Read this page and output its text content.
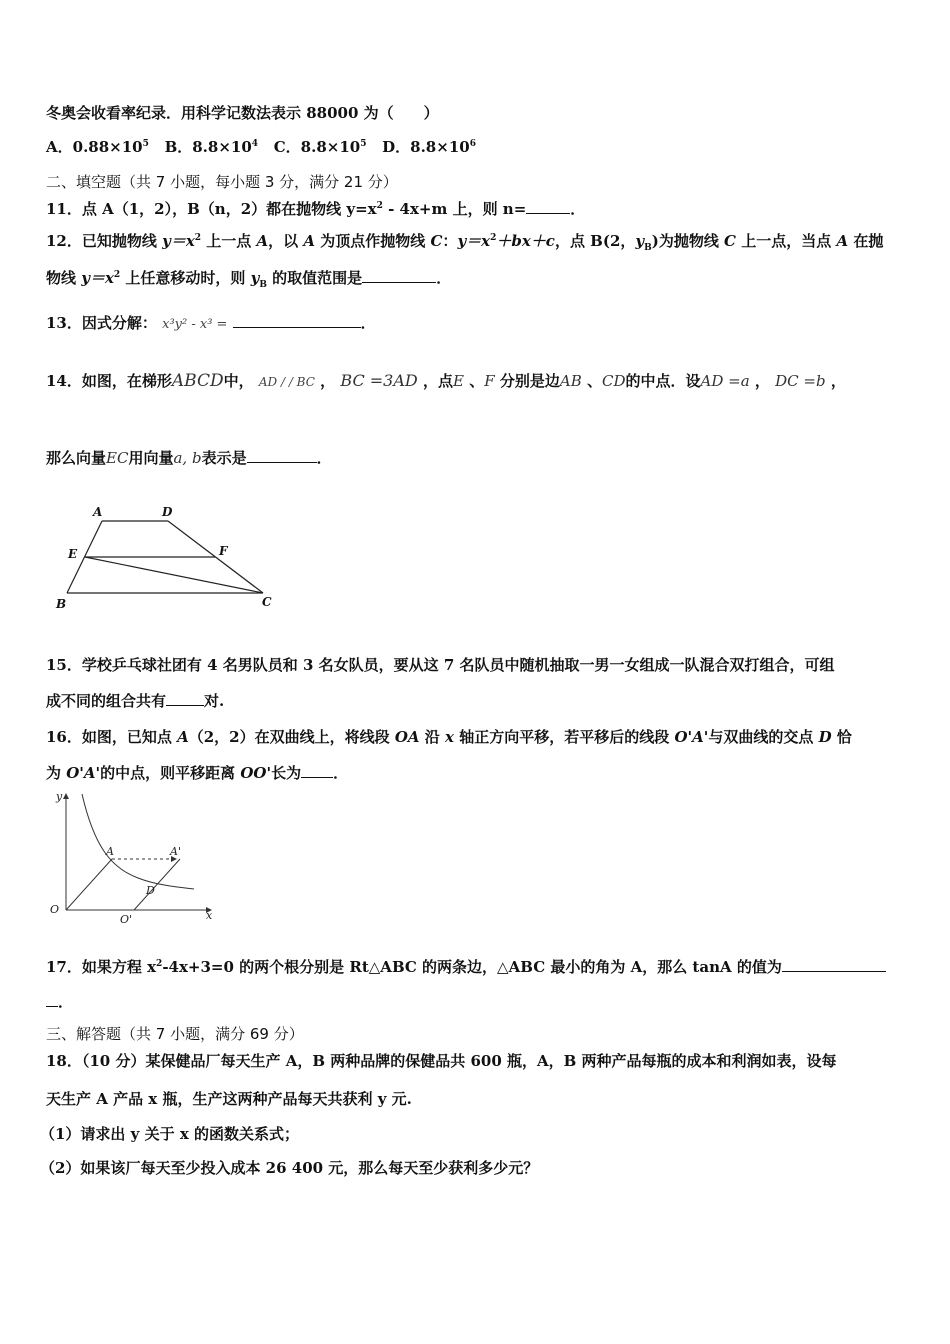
冬奥会收看率纪录．用科学记数法表示 88000 为（　　）
A．$0.88\times 10^5$ B．$8.8\times 10^4$ C．$8.8\times 10^5$ D．$8.8\times 10^6$
二、填空题（共 7 小题，每小题 3 分，满分 21 分）
11．点 A（1，2），B（n，2）都在抛物线 $y=x^2 - 4x+m$ 上，则 n=	．
12．已知抛物线 $y=x^2$ 上一点 A，以 A 为顶点作抛物线 C：$y=x^2+bx+c$，点 B(2，$y_B$)为抛物线 C 上一点，当点 A 在抛
物线 $y=x^2$ 上任意移动时，则 $y_B$ 的取值范围是	．
13．因式分解： x³y² - x³ =	．
14．如图，在梯形ABCD中， AD / / BC ， BC =3AD ，点E 、F 分别是边AB 、CD的中点．设AD =a ， DC =b ，
那么向量EC用向量a, b表示是	．
A	D
E	F
B	C
15．学校乒乓球社团有 4 名男队员和 3 名女队员，要从这 7 名队员中随机抽取一男一女组成一队混合双打组合，可组
成不同的组合共有	对.
16．如图，已知点 A（2，2）在双曲线上，将线段 OA 沿 x 轴正方向平移，若平移后的线段 O'A'与双曲线的交点 D 恰
为 O'A'的中点，则平移距离 OO'长为 ．
y
x
O
O'
A	A'
D
17．如果方程 $x^2-4x+3=0$ 的两个根分别是 Rt△ABC 的两条边，△ABC 最小的角为 A，那么 tanA 的值为
．
三、解答题（共 7 小题，满分 69 分）
18．（10 分）某保健品厂每天生产 A，B 两种品牌的保健品共 600 瓶，A，B 两种产品每瓶的成本和利润如表，设每
天生产 A 产品 x 瓶，生产这两种产品每天共获利 y 元.
（1）请求出 y 关于 x 的函数关系式；
（2）如果该厂每天至少投入成本 26 400 元，那么每天至少获利多少元？
